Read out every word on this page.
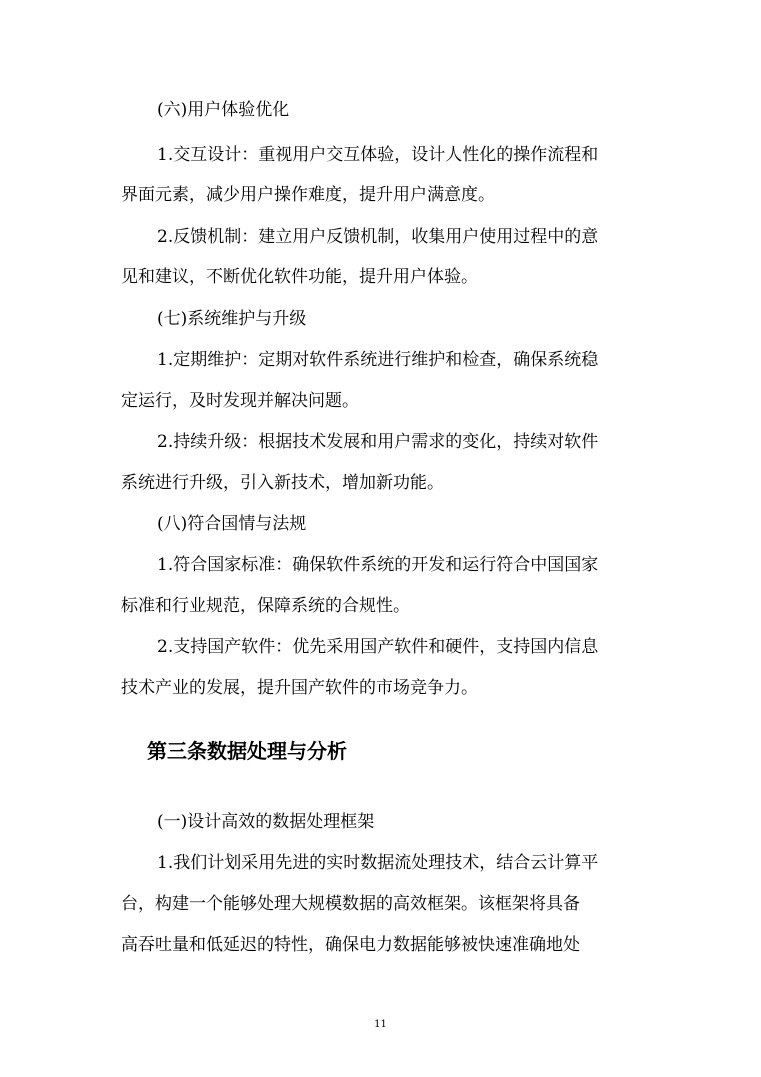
(六)用户体验优化
1.交互设计：重视用户交互体验，设计人性化的操作流程和
界面元素，减少用户操作难度，提升用户满意度。
2.反馈机制：建立用户反馈机制，收集用户使用过程中的意
见和建议，不断优化软件功能，提升用户体验。
(七)系统维护与升级
1.定期维护：定期对软件系统进行维护和检查，确保系统稳
定运行，及时发现并解决问题。
2.持续升级：根据技术发展和用户需求的变化，持续对软件
系统进行升级，引入新技术，增加新功能。
(八)符合国情与法规
1.符合国家标准：确保软件系统的开发和运行符合中国国家
标准和行业规范，保障系统的合规性。
2.支持国产软件：优先采用国产软件和硬件，支持国内信息
技术产业的发展，提升国产软件的市场竞争力。
第三条数据处理与分析
(一)设计高效的数据处理框架
1.我们计划采用先进的实时数据流处理技术，结合云计算平
台，构建一个能够处理大规模数据的高效框架。该框架将具备
高吞吐量和低延迟的特性，确保电力数据能够被快速准确地处
11
